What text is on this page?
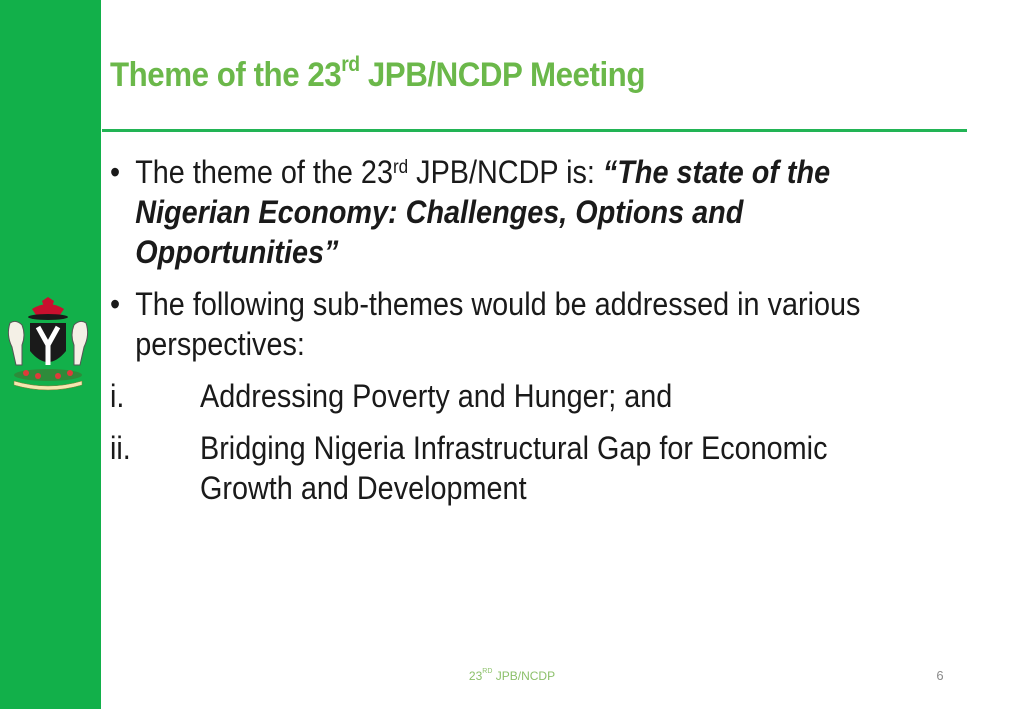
Theme of the 23rd JPB/NCDP Meeting
• The theme of the 23rd JPB/NCDP is: “The state of the Nigerian Economy: Challenges, Options and Opportunities”
• The following sub-themes would be addressed in various perspectives:
i. Addressing Poverty and Hunger; and
ii. Bridging Nigeria Infrastructural Gap for Economic Growth and Development
23RD JPB/NCDP	6
